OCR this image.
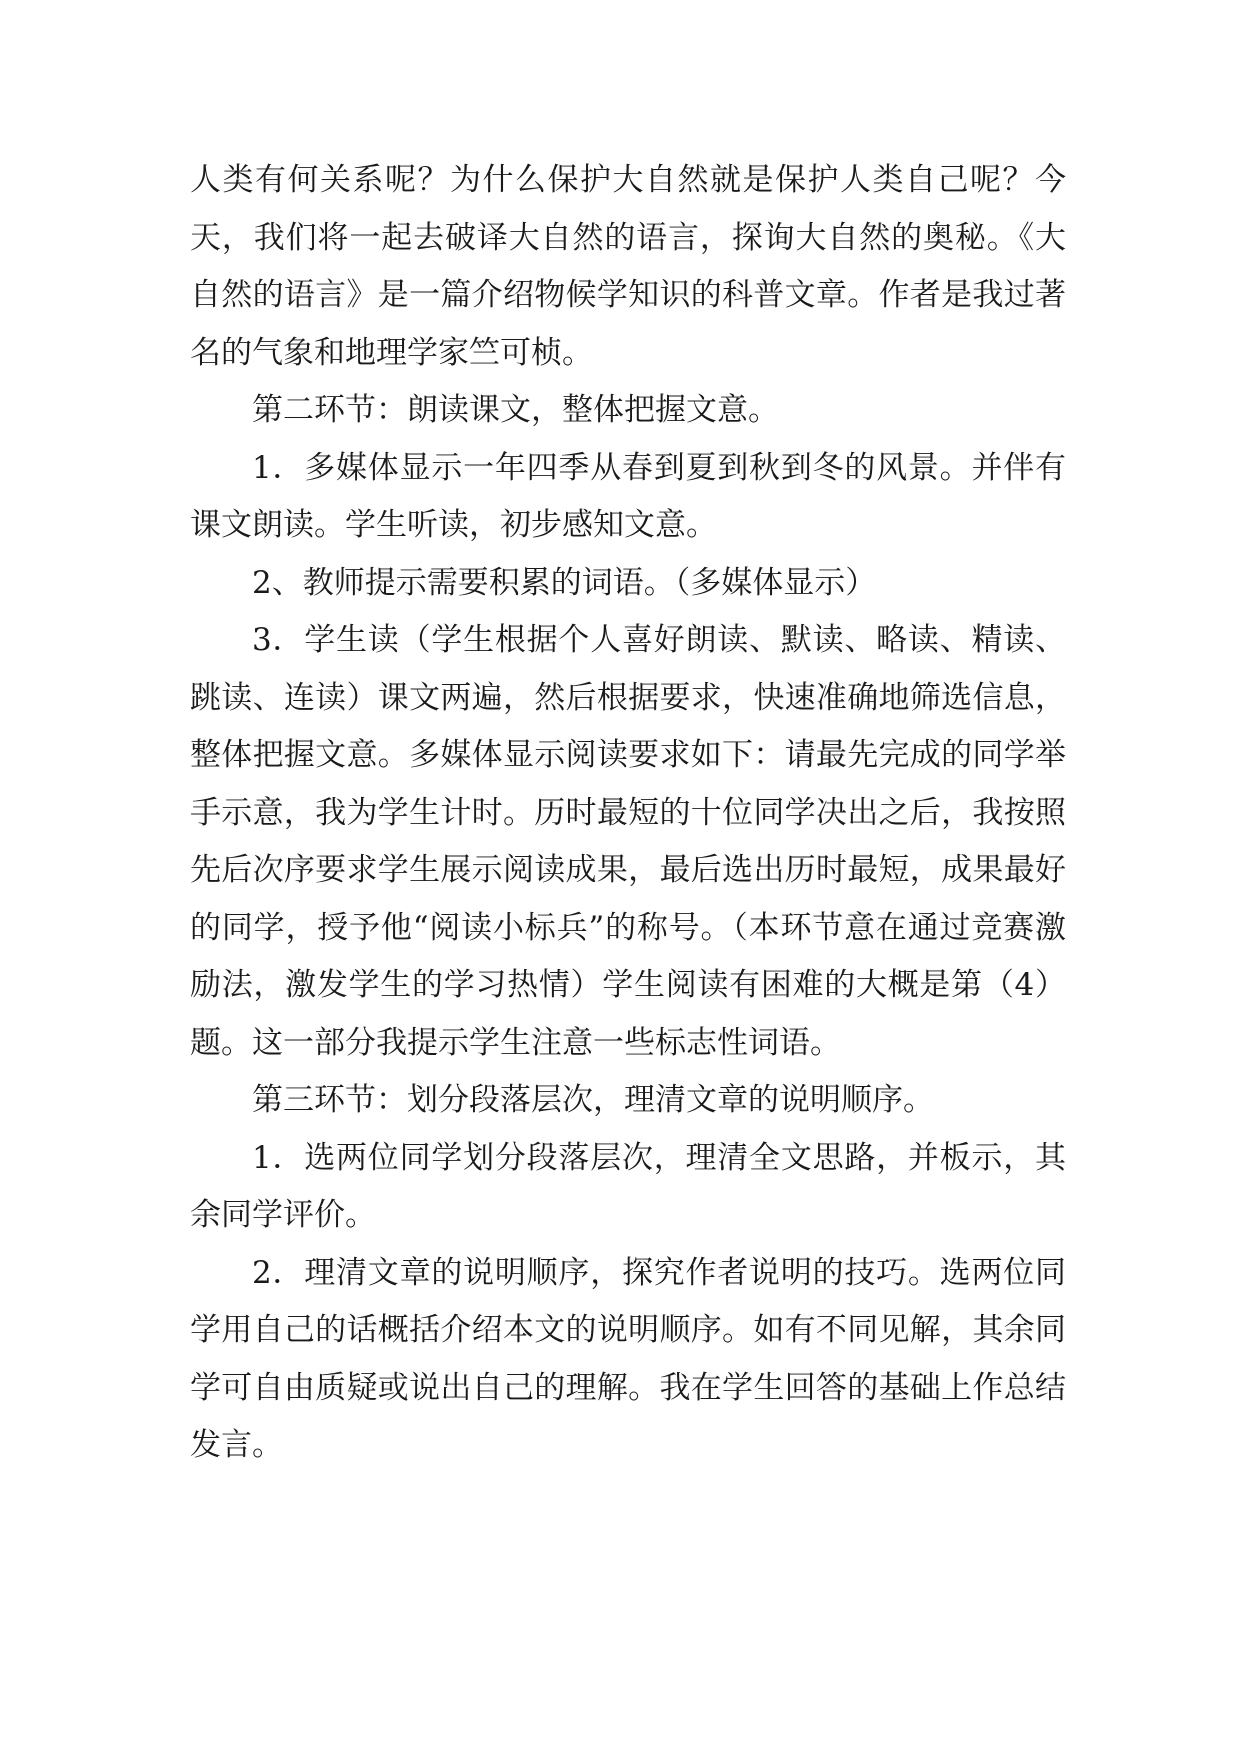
人类有何关系呢？为什么保护大自然就是保护人类自己呢？今天，我们将一起去破译大自然的语言，探询大自然的奥秘。《大自然的语言》是一篇介绍物候学知识的科普文章。作者是我过著名的气象和地理学家竺可桢。

第二环节：朗读课文，整体把握文意。

1．多媒体显示一年四季从春到夏到秋到冬的风景。并伴有课文朗读。学生听读，初步感知文意。

2、教师提示需要积累的词语。（多媒体显示）

3．学生读（学生根据个人喜好朗读、默读、略读、精读、跳读、连读）课文两遍，然后根据要求，快速准确地筛选信息，整体把握文意。多媒体显示阅读要求如下：请最先完成的同学举手示意，我为学生计时。历时最短的十位同学决出之后，我按照先后次序要求学生展示阅读成果，最后选出历时最短，成果最好的同学，授予他“阅读小标兵”的称号。（本环节意在通过竞赛激励法，激发学生的学习热情）学生阅读有困难的大概是第（4）题。这一部分我提示学生注意一些标志性词语。

第三环节：划分段落层次，理清文章的说明顺序。

1．选两位同学划分段落层次，理清全文思路，并板示，其余同学评价。

2．理清文章的说明顺序，探究作者说明的技巧。选两位同学用自己的话概括介绍本文的说明顺序。如有不同见解，其余同学可自由质疑或说出自己的理解。我在学生回答的基础上作总结发言。
